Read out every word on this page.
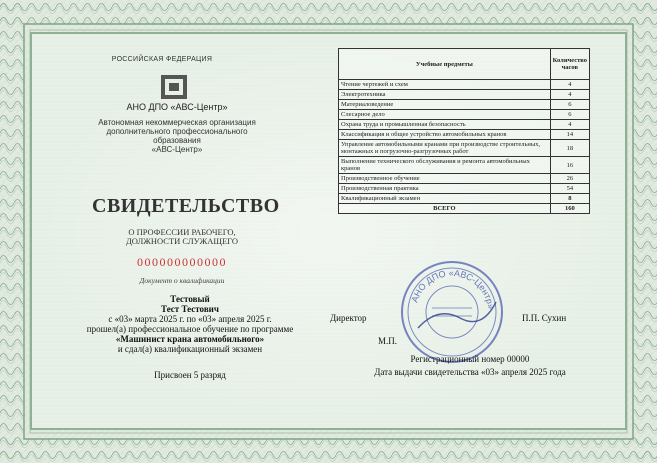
РОССИЙСКАЯ ФЕДЕРАЦИЯ
АНО ДПО «АВС-Центр»
Автономная некоммерческая организация
дополнительного профессионального образования
«АВС-Центр»
СВИДЕТЕЛЬСТВО
О ПРОФЕССИИ РАБОЧЕГО,
ДОЛЖНОСТИ СЛУЖАЩЕГО
000000000000
Документ о квалификации
Тестовый
Тест Тестович
с «03» марта 2025 г. по «03» апреля 2025 г.
прошел(а) профессиональное обучение по программе
«Машинист крана автомобильного»
и сдал(а) квалификационный экзамен
Присвоен 5 разряд
Учебные предметы	Количество часов
Чтение чертежей и схем	4
Электротехника	4
Материаловедение	6
Слесарное дело	6
Охрана труда и промышленная безопасность	4
Классификация и общее устройство автомобильных кранов	14
Управление автомобильными кранами при производстве строительных, монтажных и погрузочно-разгрузочных работ	18
Выполнение технического обслуживания и ремонта автомобильных кранов	16
Производственное обучение	26
Производственная практика	54
Квалификационный экзамен	8
ВСЕГО	160
АНО ДПО «АВС-Центр»
Директор	П.П. Сухин
М.П.
Регистрационный номер 00000
Дата выдачи свидетельства «03» апреля 2025 года
